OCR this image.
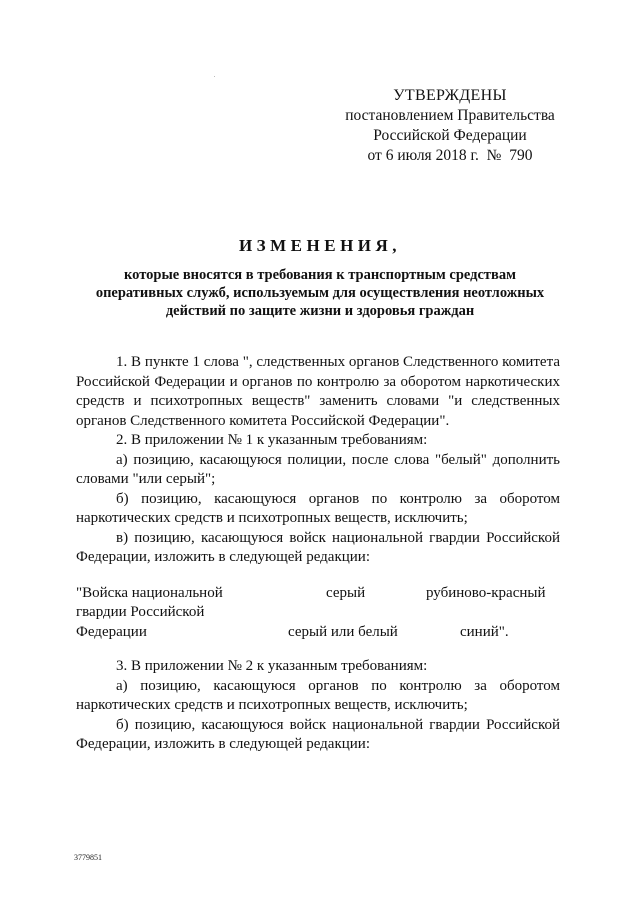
УТВЕРЖДЕНЫ
постановлением Правительства
Российской Федерации
от 6 июля 2018 г.  №  790
ИЗМЕНЕНИЯ,
которые вносятся в требования к транспортным средствам
оперативных служб, используемым для осуществления неотложных
действий по защите жизни и здоровья граждан
1. В пункте 1 слова ", следственных органов Следственного комитета
Российской Федерации и органов по контролю за оборотом наркотических
средств и психотропных веществ" заменить словами "и следственных
органов Следственного комитета Российской Федерации".
2. В приложении № 1 к указанным требованиям:
а) позицию, касающуюся полиции, после слова "белый" дополнить
словами "или серый";
б) позицию, касающуюся органов по контролю за оборотом
наркотических средств и психотропных веществ, исключить;
в) позицию, касающуюся войск национальной гвардии Российской
Федерации, изложить в следующей редакции:
"Войска национальной
гвардии Российской
Федерации
серый
серый или белый
рубиново-красный
синий".
3. В приложении № 2 к указанным требованиям:
а) позицию, касающуюся органов по контролю за оборотом
наркотических средств и психотропных веществ, исключить;
б) позицию, касающуюся войск национальной гвардии Российской
Федерации, изложить в следующей редакции:
3779851
